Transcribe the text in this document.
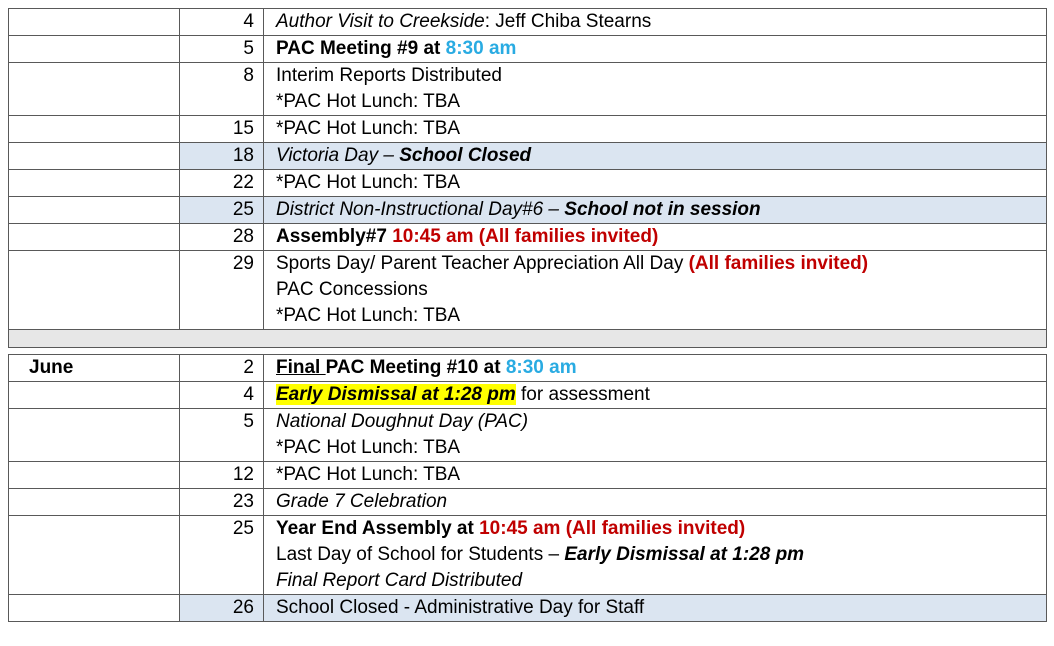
	4	Author Visit to Creekside: Jeff Chiba Stearns

	5	PAC Meeting #9 at 8:30 am

	8	Interim Reports Distributed
*PAC Hot Lunch: TBA

	15	*PAC Hot Lunch: TBA

	18	Victoria Day – School Closed

	22	*PAC Hot Lunch: TBA

	25	District Non-Instructional Day#6 – School not in session

	28	Assembly#7 10:45 am (All families invited)

	29	Sports Day/ Parent Teacher Appreciation All Day (All families invited)
PAC Concessions
*PAC Hot Lunch: TBA

June	2	Final PAC Meeting #10 at 8:30 am

	4	Early Dismissal at 1:28 pm for assessment

	5	National Doughnut Day (PAC)
*PAC Hot Lunch: TBA

	12	*PAC Hot Lunch: TBA

	23	Grade 7 Celebration

	25	Year End Assembly at 10:45 am (All families invited)
Last Day of School for Students – Early Dismissal at 1:28 pm
Final Report Card Distributed

	26	School Closed - Administrative Day for Staff
